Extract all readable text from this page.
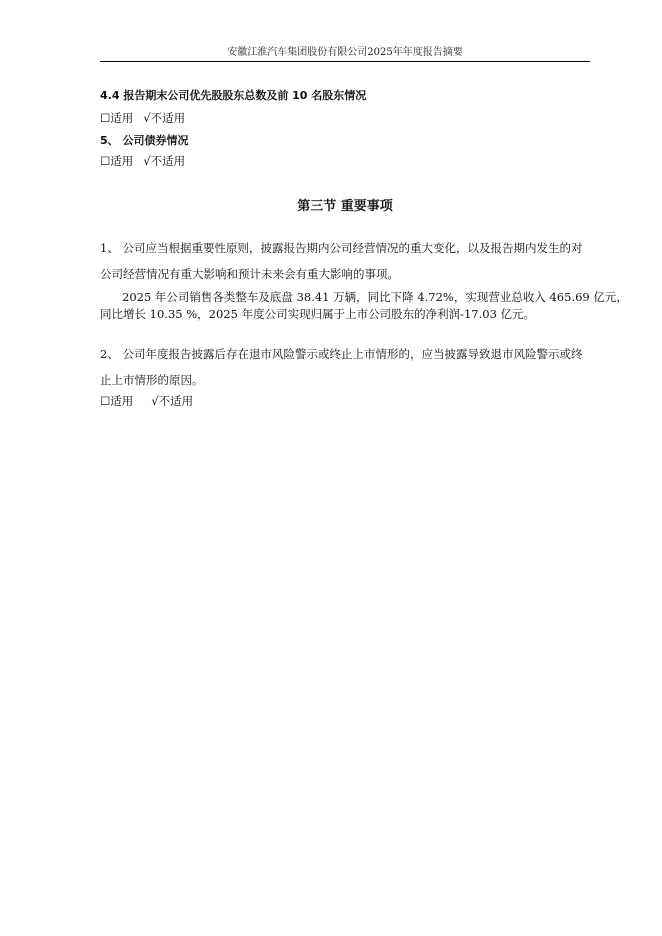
安徽江淮汽车集团股份有限公司2025年年度报告摘要
4.4 报告期末公司优先股股东总数及前 10 名股东情况
☐适用 √不适用
5、 公司债券情况
☐适用 √不适用
第三节 重要事项
1、 公司应当根据重要性原则，披露报告期内公司经营情况的重大变化，以及报告期内发生的对
公司经营情况有重大影响和预计未来会有重大影响的事项。
2025 年公司销售各类整车及底盘 38.41 万辆，同比下降 4.72%，实现营业总收入 465.69 亿元，
同比增长 10.35 %，2025 年度公司实现归属于上市公司股东的净利润-17.03 亿元。
2、 公司年度报告披露后存在退市风险警示或终止上市情形的，应当披露导致退市风险警示或终
止上市情形的原因。
☐适用 √不适用
